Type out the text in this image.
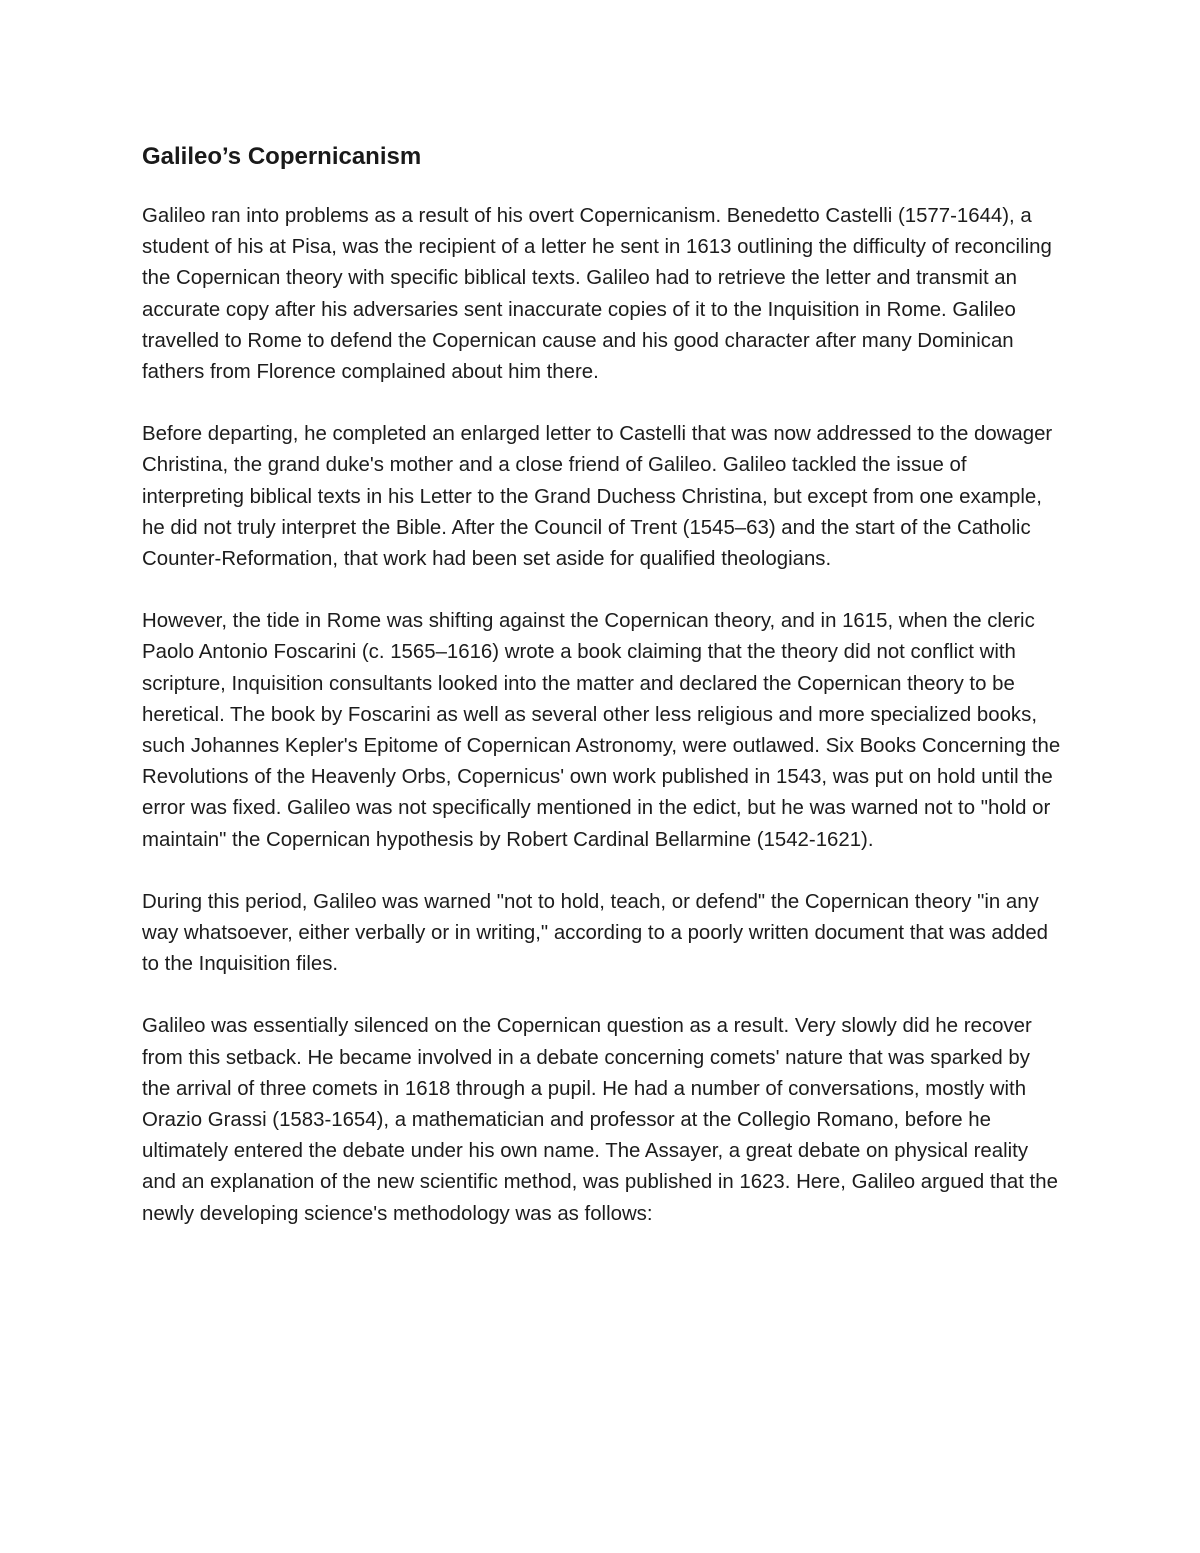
Galileo’s Copernicanism

Galileo ran into problems as a result of his overt Copernicanism. Benedetto Castelli (1577-1644), a student of his at Pisa, was the recipient of a letter he sent in 1613 outlining the difficulty of reconciling the Copernican theory with specific biblical texts. Galileo had to retrieve the letter and transmit an accurate copy after his adversaries sent inaccurate copies of it to the Inquisition in Rome. Galileo travelled to Rome to defend the Copernican cause and his good character after many Dominican fathers from Florence complained about him there.

Before departing, he completed an enlarged letter to Castelli that was now addressed to the dowager Christina, the grand duke's mother and a close friend of Galileo. Galileo tackled the issue of interpreting biblical texts in his Letter to the Grand Duchess Christina, but except from one example, he did not truly interpret the Bible. After the Council of Trent (1545–63) and the start of the Catholic Counter-Reformation, that work had been set aside for qualified theologians.

However, the tide in Rome was shifting against the Copernican theory, and in 1615, when the cleric Paolo Antonio Foscarini (c. 1565–1616) wrote a book claiming that the theory did not conflict with scripture, Inquisition consultants looked into the matter and declared the Copernican theory to be heretical. The book by Foscarini as well as several other less religious and more specialized books, such Johannes Kepler's Epitome of Copernican Astronomy, were outlawed. Six Books Concerning the Revolutions of the Heavenly Orbs, Copernicus' own work published in 1543, was put on hold until the error was fixed. Galileo was not specifically mentioned in the edict, but he was warned not to "hold or maintain" the Copernican hypothesis by Robert Cardinal Bellarmine (1542-1621).

During this period, Galileo was warned "not to hold, teach, or defend" the Copernican theory "in any way whatsoever, either verbally or in writing," according to a poorly written document that was added to the Inquisition files.

Galileo was essentially silenced on the Copernican question as a result. Very slowly did he recover from this setback. He became involved in a debate concerning comets' nature that was sparked by the arrival of three comets in 1618 through a pupil. He had a number of conversations, mostly with Orazio Grassi (1583-1654), a mathematician and professor at the Collegio Romano, before he ultimately entered the debate under his own name. The Assayer, a great debate on physical reality and an explanation of the new scientific method, was published in 1623. Here, Galileo argued that the newly developing science's methodology was as follows:
